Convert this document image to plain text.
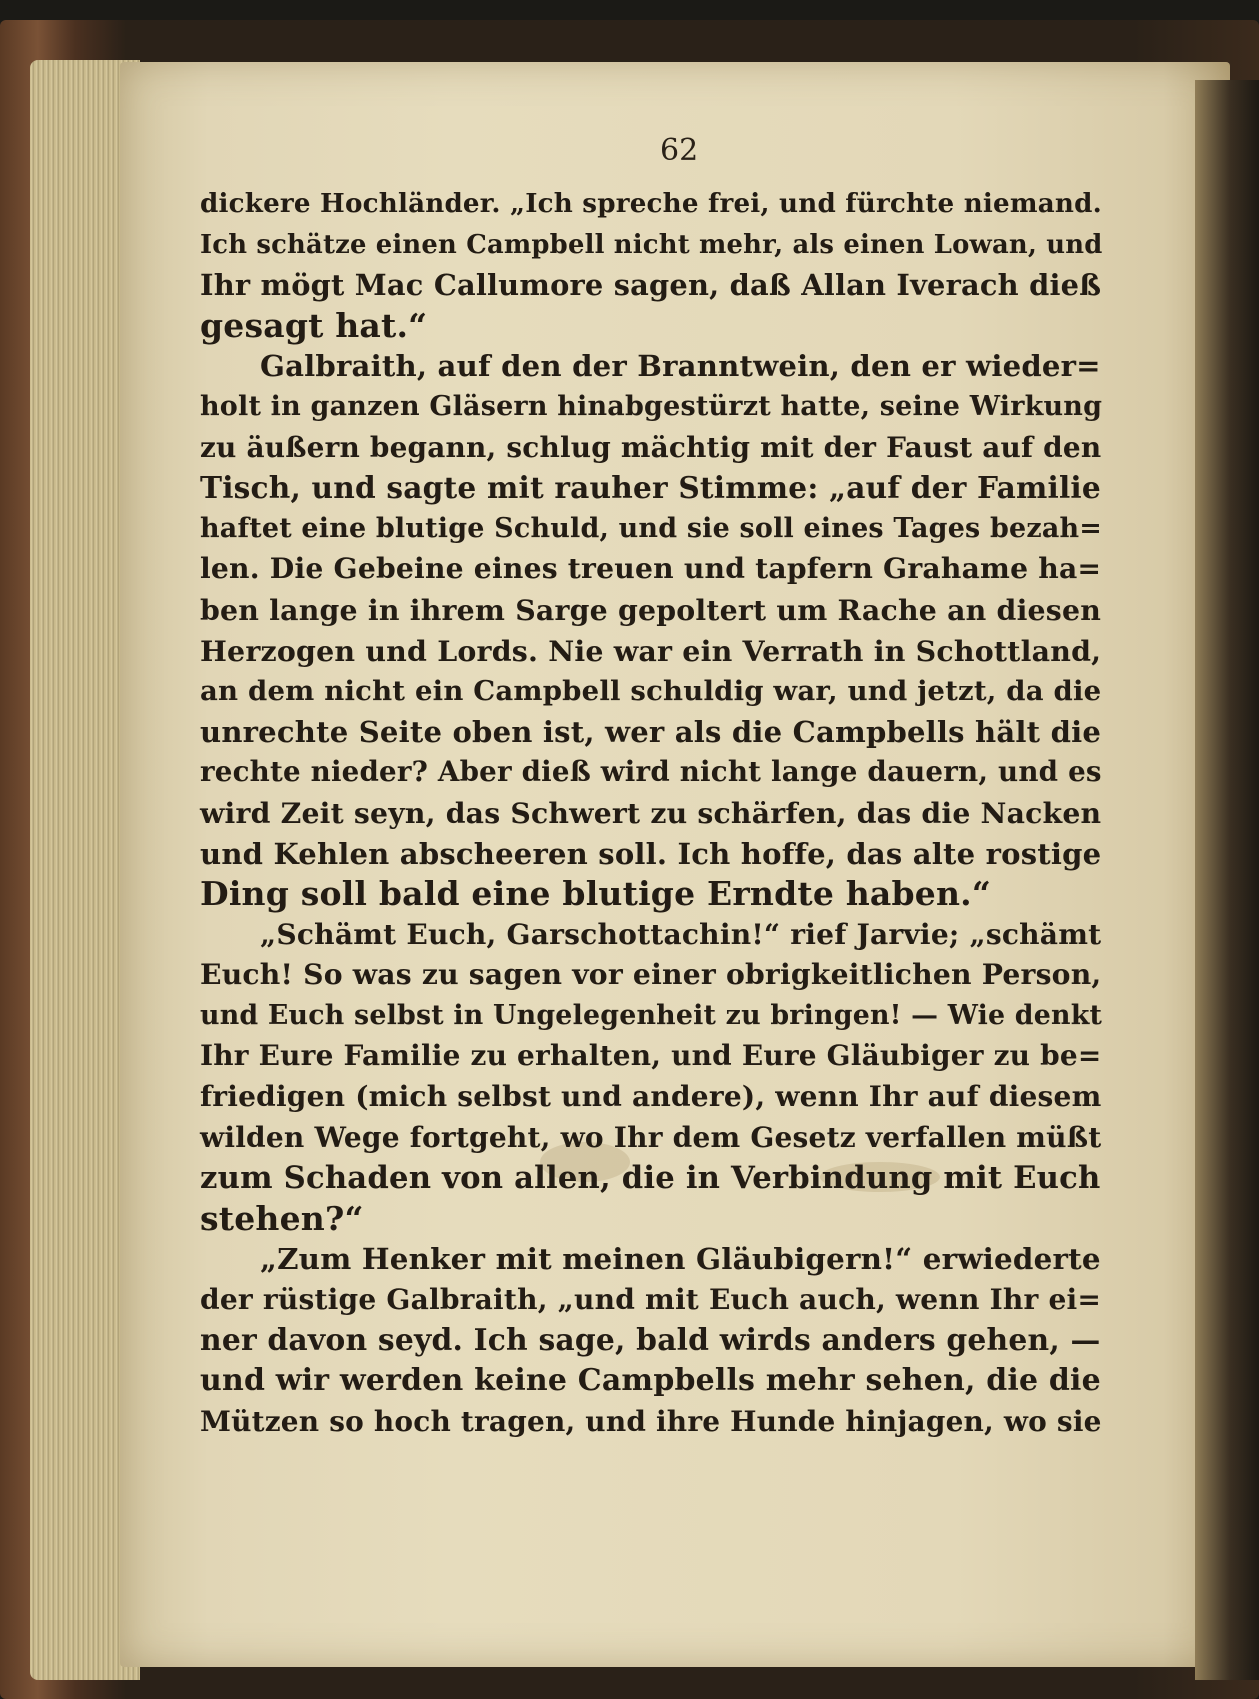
62
dickere Hochländer. „Ich spreche frei, und fürchte niemand.
Ich schätze einen Campbell nicht mehr, als einen Lowan, und
Ihr mögt Mac Callumore sagen, daß Allan Iverach dieß
gesagt hat.“
Galbraith, auf den der Branntwein, den er wieder=
holt in ganzen Gläsern hinabgestürzt hatte, seine Wirkung
zu äußern begann, schlug mächtig mit der Faust auf den
Tisch, und sagte mit rauher Stimme: „auf der Familie
haftet eine blutige Schuld, und sie soll eines Tages bezah=
len. Die Gebeine eines treuen und tapfern Grahame ha=
ben lange in ihrem Sarge gepoltert um Rache an diesen
Herzogen und Lords. Nie war ein Verrath in Schottland,
an dem nicht ein Campbell schuldig war, und jetzt, da die
unrechte Seite oben ist, wer als die Campbells hält die
rechte nieder? Aber dieß wird nicht lange dauern, und es
wird Zeit seyn, das Schwert zu schärfen, das die Nacken
und Kehlen abscheeren soll. Ich hoffe, das alte rostige
Ding soll bald eine blutige Erndte haben.“
„Schämt Euch, Garschottachin!“ rief Jarvie; „schämt
Euch! So was zu sagen vor einer obrigkeitlichen Person,
und Euch selbst in Ungelegenheit zu bringen! — Wie denkt
Ihr Eure Familie zu erhalten, und Eure Gläubiger zu be=
friedigen (mich selbst und andere), wenn Ihr auf diesem
wilden Wege fortgeht, wo Ihr dem Gesetz verfallen müßt
zum Schaden von allen, die in Verbindung mit Euch
stehen?“
„Zum Henker mit meinen Gläubigern!“ erwiederte
der rüstige Galbraith, „und mit Euch auch, wenn Ihr ei=
ner davon seyd. Ich sage, bald wirds anders gehen, —
und wir werden keine Campbells mehr sehen, die die
Mützen so hoch tragen, und ihre Hunde hinjagen, wo sie
